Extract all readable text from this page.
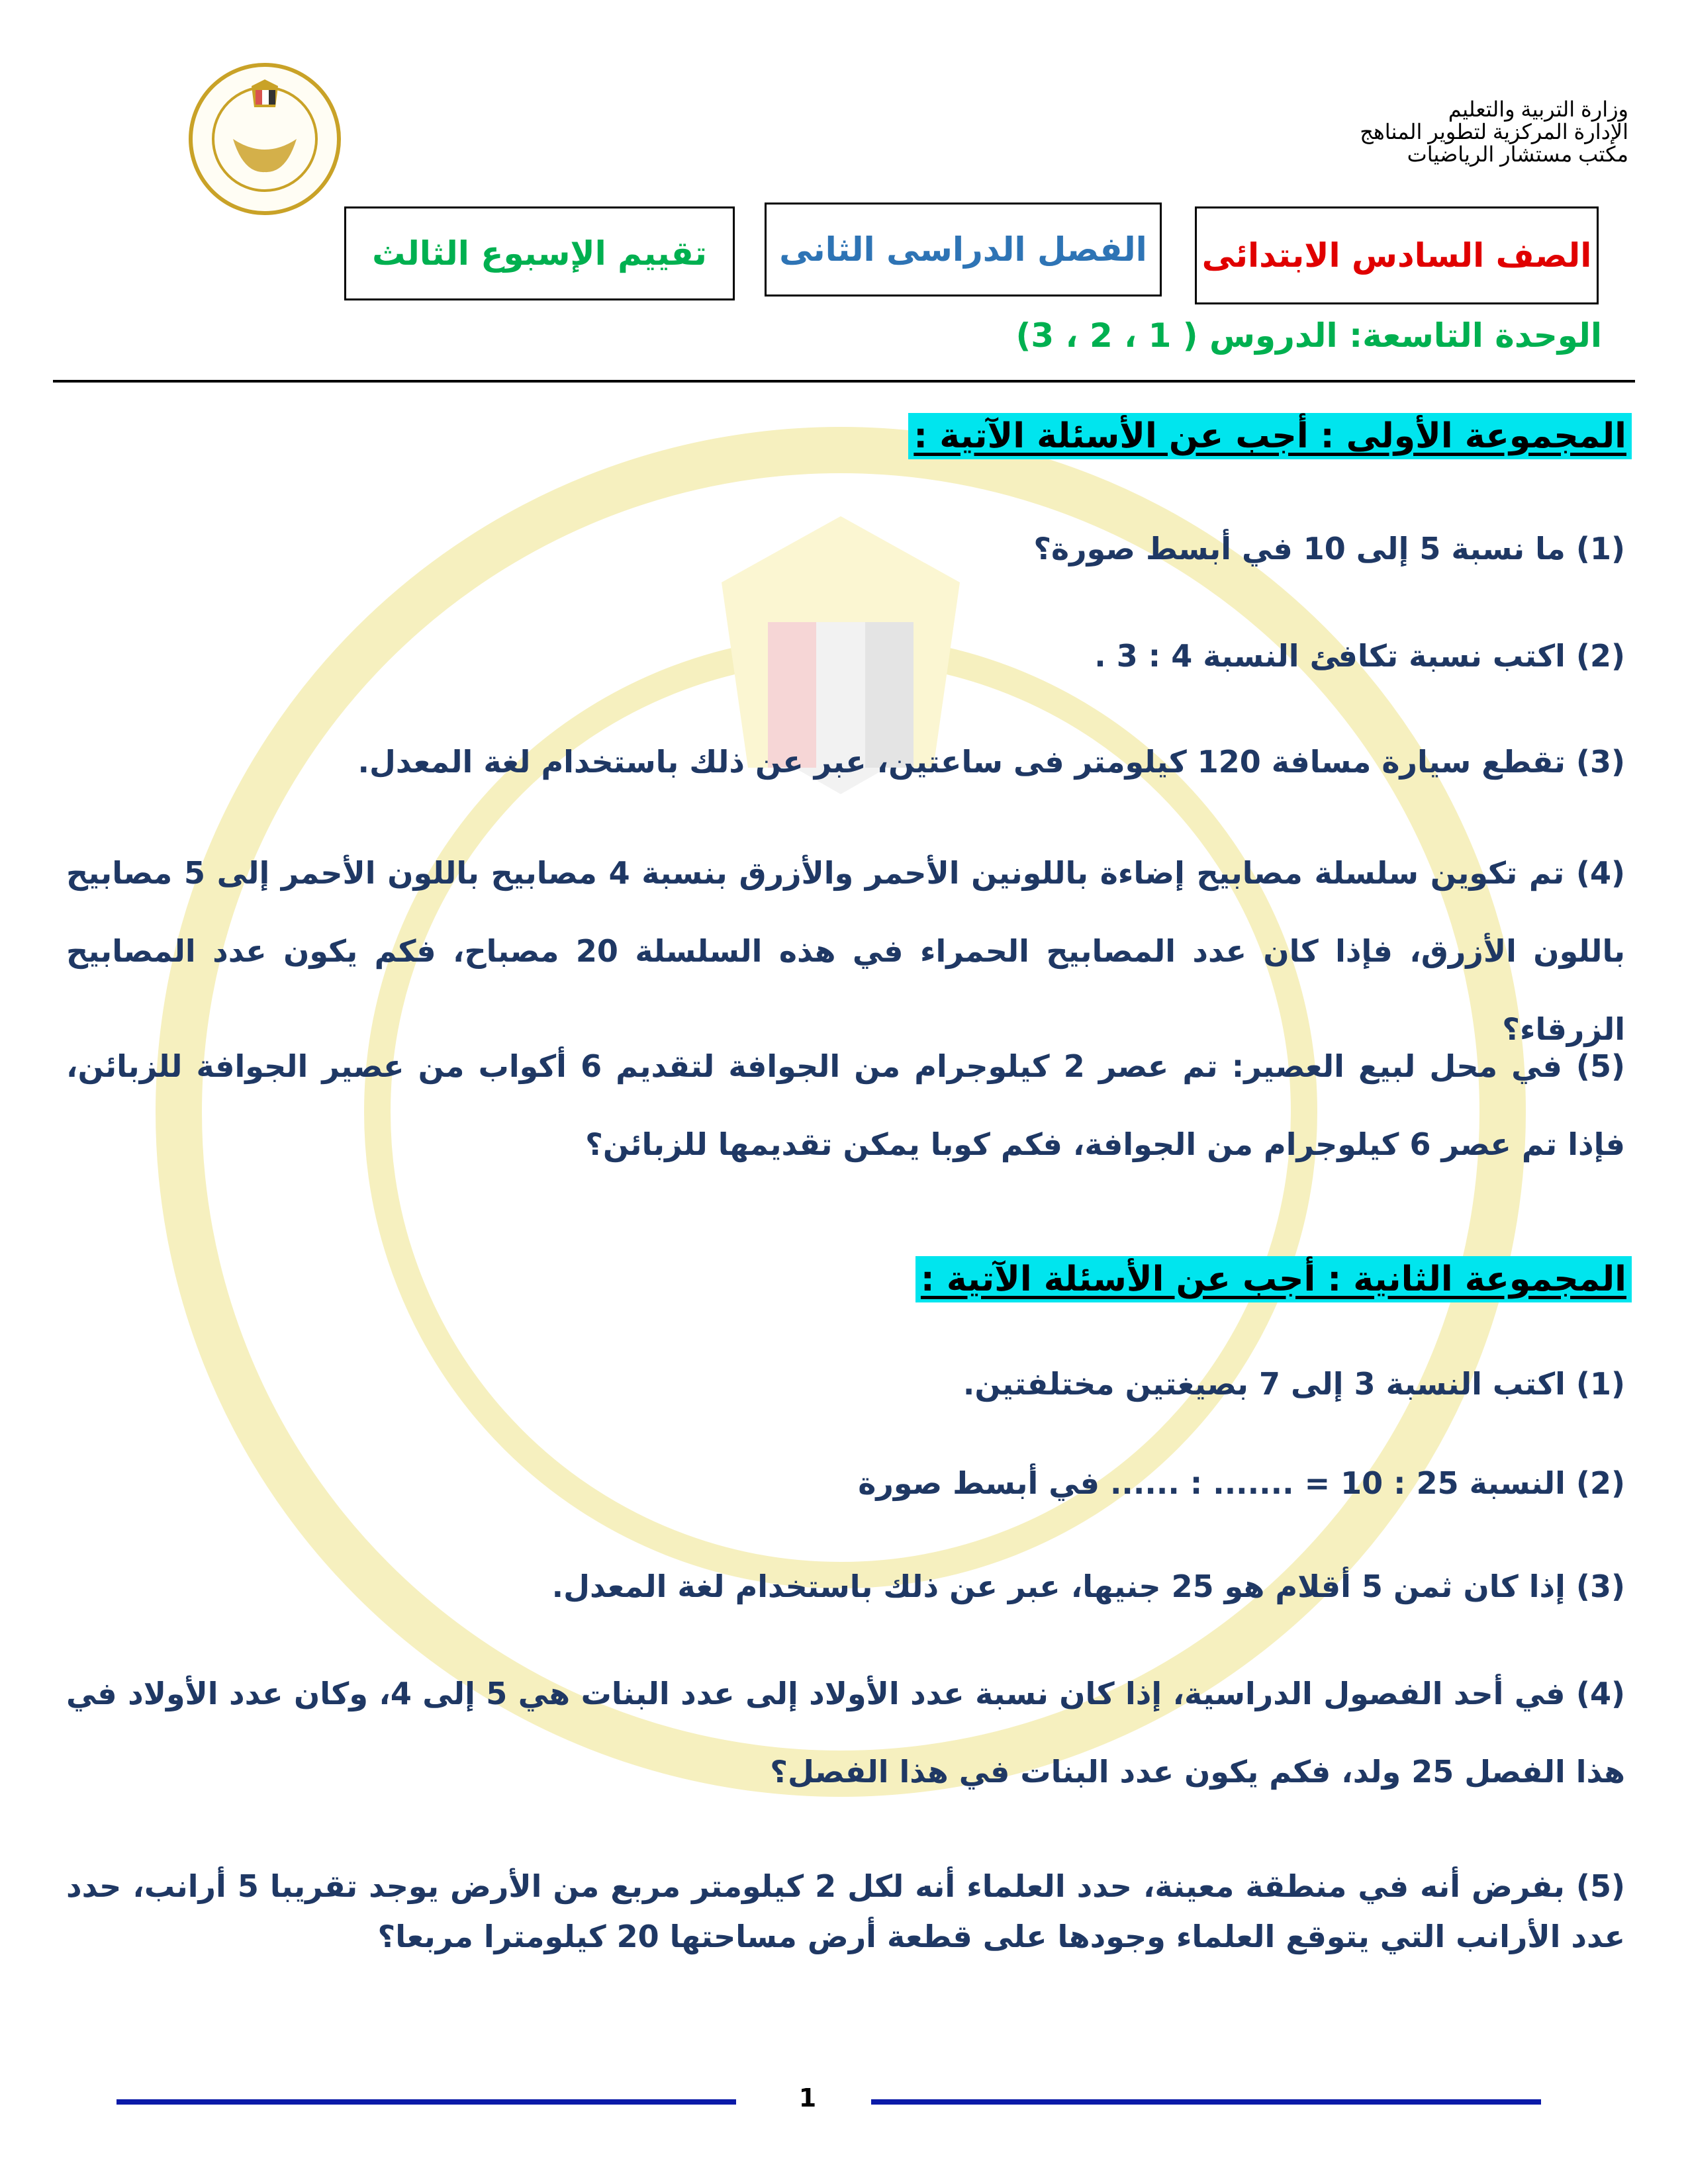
وزارة التربية والتعليم
الإدارة المركزية لتطوير المناهج
مكتب مستشار الرياضيات
الصف السادس الابتدائى
الفصل الدراسى الثانى
تقييم الإسبوع الثالث
الوحدة التاسعة: الدروس ( 1 ، 2 ، 3)
المجموعة الأولى : أجب عن الأسئلة الآتية :
(1) ما نسبة 5 إلى 10 في أبسط صورة؟
(2) اكتب نسبة تكافئ النسبة 4 : 3 .
(3) تقطع سيارة مسافة 120 كيلومتر فى ساعتين، عبر عن ذلك باستخدام لغة المعدل.
(4) تم تكوين سلسلة مصابيح إضاءة باللونين الأحمر والأزرق بنسبة 4 مصابيح باللون الأحمر إلى 5 مصابيح باللون الأزرق، فإذا كان عدد المصابيح الحمراء في هذه السلسلة 20 مصباح، فكم يكون عدد المصابيح الزرقاء؟
(5) في محل لبيع العصير: تم عصر 2 كيلوجرام من الجوافة لتقديم 6 أكواب من عصير الجوافة للزبائن، فإذا تم عصر 6 كيلوجرام من الجوافة، فكم كوبا يمكن تقديمها للزبائن؟
المجموعة الثانية : أجب عن الأسئلة الآتية :
(1) اكتب النسبة 3 إلى 7 بصيغتين مختلفتين.
(2) النسبة 25 : 10 = ....... : ...... في أبسط صورة
(3) إذا كان ثمن 5 أقلام هو 25 جنيها، عبر عن ذلك باستخدام لغة المعدل.
(4) في أحد الفصول الدراسية، إذا كان نسبة عدد الأولاد إلى عدد البنات هي 5 إلى 4، وكان عدد الأولاد في هذا الفصل 25 ولد، فكم يكون عدد البنات في هذا الفصل؟
(5) بفرض أنه في منطقة معينة، حدد العلماء أنه لكل 2 كيلومتر مربع من الأرض يوجد تقريبا 5 أرانب، حدد عدد الأرانب التي يتوقع العلماء وجودها على قطعة أرض مساحتها 20 كيلومترا مربعا؟
1
